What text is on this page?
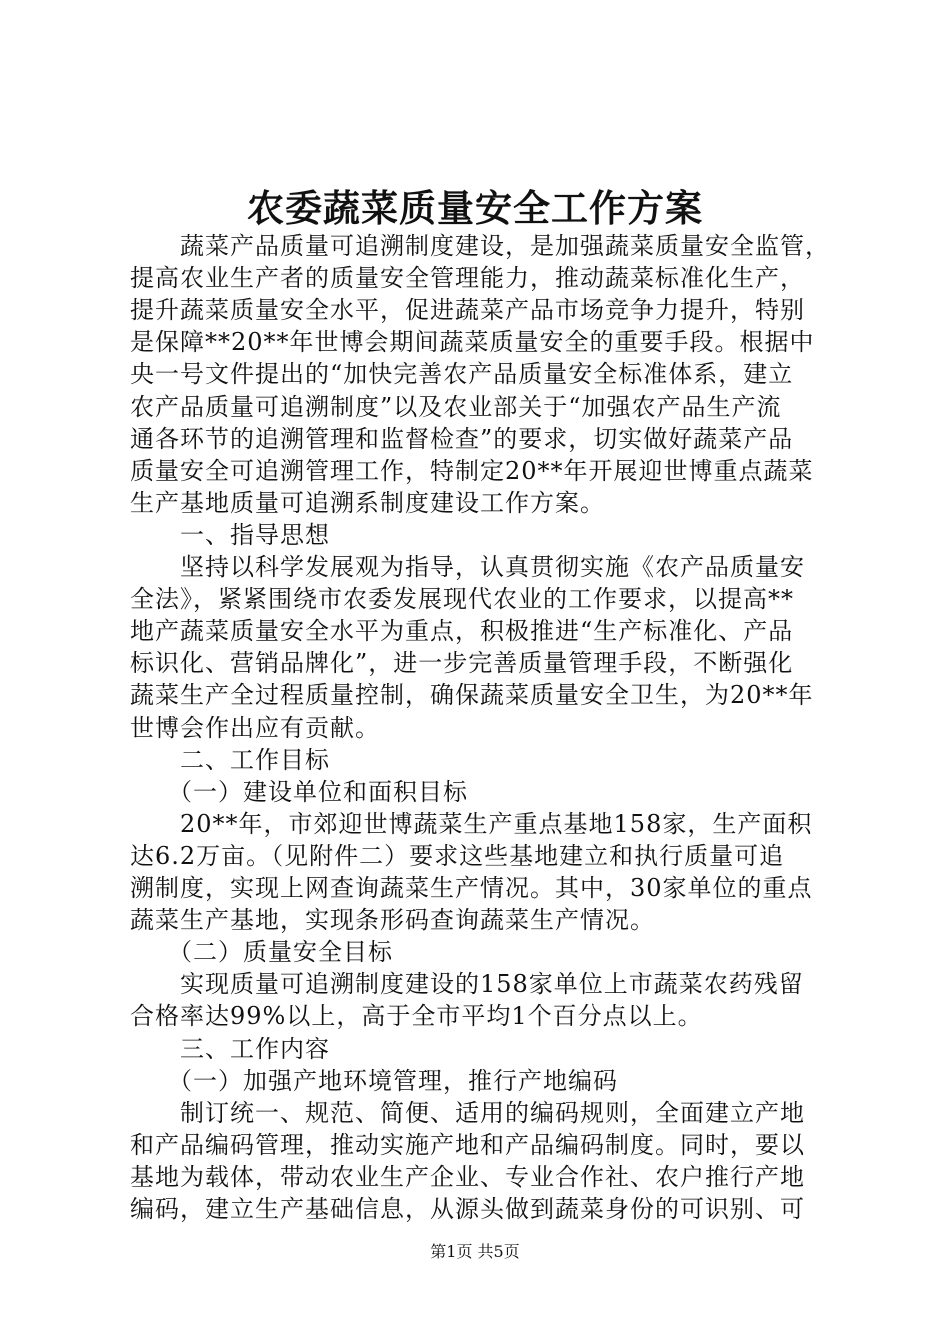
农委蔬菜质量安全工作方案
　　蔬菜产品质量可追溯制度建设，是加强蔬菜质量安全监管，
提高农业生产者的质量安全管理能力，推动蔬菜标准化生产，
提升蔬菜质量安全水平，促进蔬菜产品市场竞争力提升，特别
是保障**20**年世博会期间蔬菜质量安全的重要手段。根据中
央一号文件提出的“加快完善农产品质量安全标准体系，建立
农产品质量可追溯制度”以及农业部关于“加强农产品生产流
通各环节的追溯管理和监督检查”的要求，切实做好蔬菜产品
质量安全可追溯管理工作，特制定20**年开展迎世博重点蔬菜
生产基地质量可追溯系制度建设工作方案。
　　一、指导思想
　　坚持以科学发展观为指导，认真贯彻实施《农产品质量安
全法》，紧紧围绕市农委发展现代农业的工作要求，以提高**
地产蔬菜质量安全水平为重点，积极推进“生产标准化、产品
标识化、营销品牌化”，进一步完善质量管理手段，不断强化
蔬菜生产全过程质量控制，确保蔬菜质量安全卫生，为20**年
世博会作出应有贡献。
　　二、工作目标
　　（一）建设单位和面积目标
　　20**年，市郊迎世博蔬菜生产重点基地158家，生产面积
达6.2万亩。（见附件二）要求这些基地建立和执行质量可追
溯制度，实现上网查询蔬菜生产情况。其中，30家单位的重点
蔬菜生产基地，实现条形码查询蔬菜生产情况。
　　（二）质量安全目标
　　实现质量可追溯制度建设的158家单位上市蔬菜农药残留
合格率达99%以上，高于全市平均1个百分点以上。
　　三、工作内容
　　（一）加强产地环境管理，推行产地编码
　　制订统一、规范、简便、适用的编码规则，全面建立产地
和产品编码管理，推动实施产地和产品编码制度。同时，要以
基地为载体，带动农业生产企业、专业合作社、农户推行产地
编码，建立生产基础信息，从源头做到蔬菜身份的可识别、可
第1页 共5页
